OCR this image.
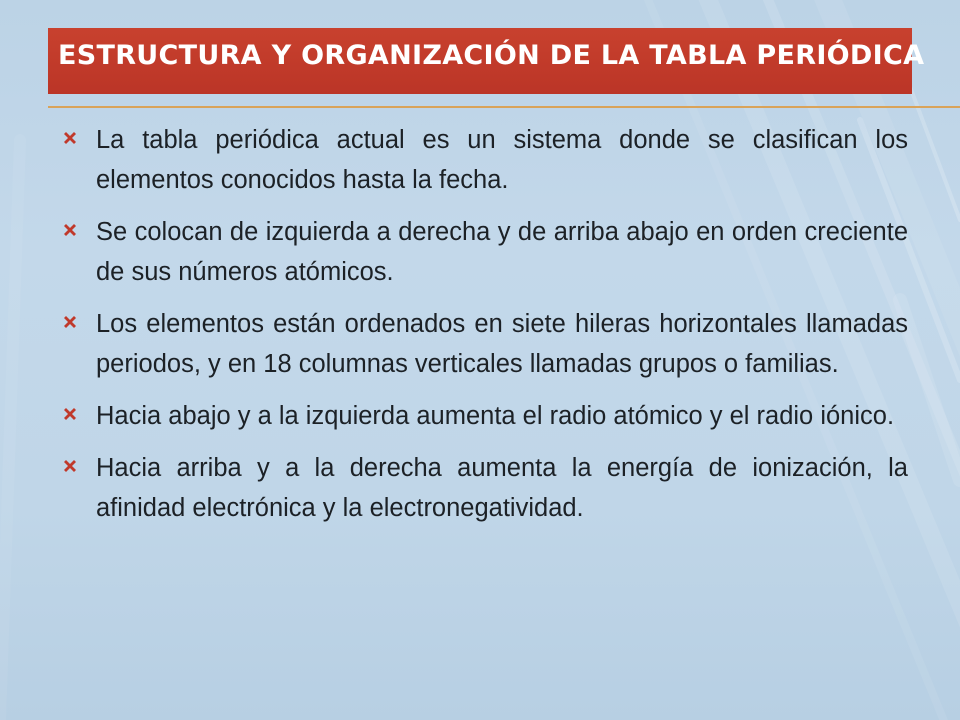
ESTRUCTURA Y ORGANIZACIÓN DE LA TABLA PERIÓDICA
La tabla periódica actual es un sistema donde se clasifican los elementos conocidos hasta la fecha.
Se colocan de izquierda a derecha y de arriba abajo en orden creciente de sus números atómicos.
Los elementos están ordenados en siete hileras horizontales llamadas periodos, y en 18 columnas verticales llamadas grupos o familias.
Hacia abajo y a la izquierda aumenta el radio atómico y el radio iónico.
Hacia arriba y a la derecha aumenta la energía de ionización, la afinidad electrónica y la electronegatividad.
